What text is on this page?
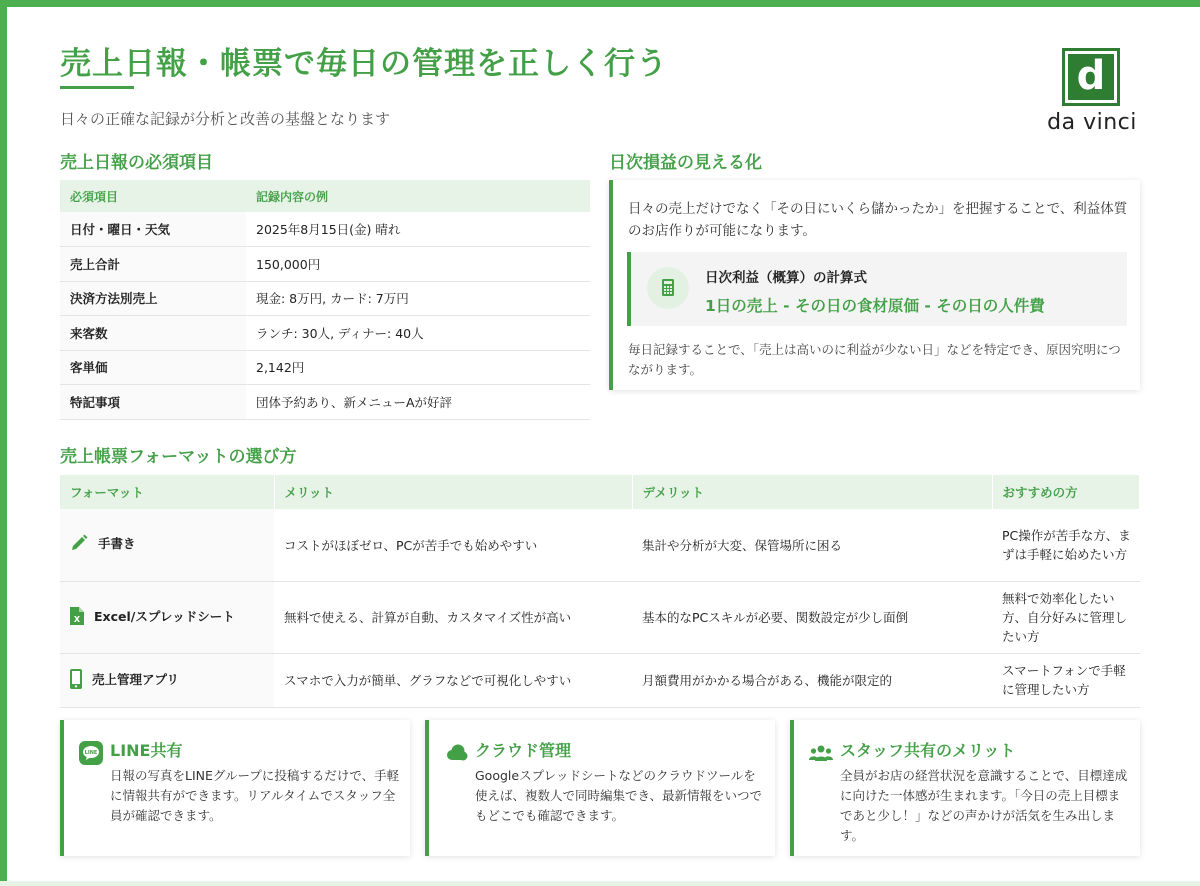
売上日報・帳票で毎日の管理を正しく行う

日々の正確な記録が分析と改善の基盤となります

d
da vinci
売上日報の必須項目
必須項目	記録内容の例
日付・曜日・天気	2025年8月15日(金) 晴れ
売上合計	150,000円
決済方法別売上	現金: 8万円, カード: 7万円
来客数	ランチ: 30人, ディナー: 40人
客単価	2,142円
特記事項	団体予約あり、新メニューAが好評
日次損益の見える化

日々の売上だけでなく「その日にいくら儲かったか」を把握することで、利益体質のお店作りが可能になります。

日次利益（概算）の計算式
1日の売上 - その日の食材原価 - その日の人件費

毎日記録することで、「売上は高いのに利益が少ない日」などを特定でき、原因究明につながります。

売上帳票フォーマットの選び方
フォーマット	メリット	デメリット	おすすめの方
手書き	コストがほぼゼロ、PCが苦手でも始めやすい	集計や分析が大変、保管場所に困る	PC操作が苦手な方、まずは手軽に始めたい方

X Excel/スプレッドシート	無料で使える、計算が自動、カスタマイズ性が高い	基本的なPCスキルが必要、関数設定が少し面倒	無料で効率化したい方、自分好みに管理したい方
売上管理アプリ	スマホで入力が簡単、グラフなどで可視化しやすい	月額費用がかかる場合がある、機能が限定的	スマートフォンで手軽に管理したい方
LINE LINE共有

日報の写真をLINEグループに投稿するだけで、手軽に情報共有ができます。リアルタイムでスタッフ全員が確認できます。

クラウド管理

Googleスプレッドシートなどのクラウドツールを使えば、複数人で同時編集でき、最新情報をいつでもどこでも確認できます。

スタッフ共有のメリット

全員がお店の経営状況を意識することで、目標達成に向けた一体感が生まれます。「今日の売上目標まであと少し！」などの声かけが活気を生み出します。
